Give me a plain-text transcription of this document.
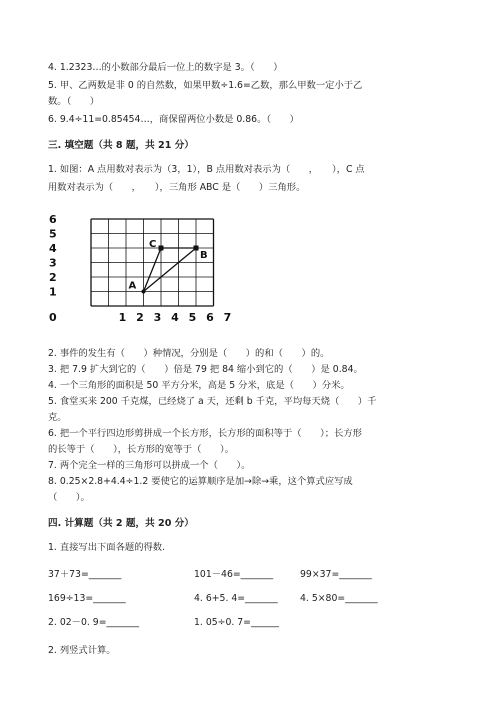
4. 1.2323…的小数部分最后一位上的数字是 3。（　　）
5. 甲、乙两数是非 0 的自然数，如果甲数÷1.6=乙数，那么甲数一定小于乙
数。（　　）
6. 9.4÷11=0.85454…，商保留两位小数是 0.86。（　　）
三. 填空题（共 8 题，共 21 分）
1. 如图：A 点用数对表示为（3，1），B 点用数对表示为（　　，　　），C 点
用数对表示为（　　，　　），三角形 ABC 是（　　）三角形。
6
5
4
3
2
1
0	1 2 3 4 5 6 7
A
C
B
2. 事件的发生有（　　）种情况，分别是（　　）的和（　　）的。
3. 把 7.9 扩大到它的（　　）倍是 79 把 84 缩小到它的（　　）是 0.84。
4. 一个三角形的面积是 50 平方分米，高是 5 分米，底是（　　）分米。
5. 食堂买来 200 千克煤，已经烧了 a 天，还剩 b 千克，平均每天烧（　　）千
克。
6. 把一个平行四边形剪拼成一个长方形，长方形的面积等于（　　）；长方形
的长等于（　　），长方形的宽等于（　　）。
7. 两个完全一样的三角形可以拼成一个（　　）。
8. 0.25×2.8+4.4÷1.2 要使它的运算顺序是加→除→乘，这个算式应写成
（　　）。
四. 计算题（共 2 题，共 20 分）
1. 直接写出下面各题的得数.
37＋73=_______	101－46=_______	99×37=_______
169÷13=_______	4. 6+5. 4=_______ 4. 5×80=_______
2. 02－0. 9=_______	1. 05÷0. 7=______
2. 列竖式计算。
